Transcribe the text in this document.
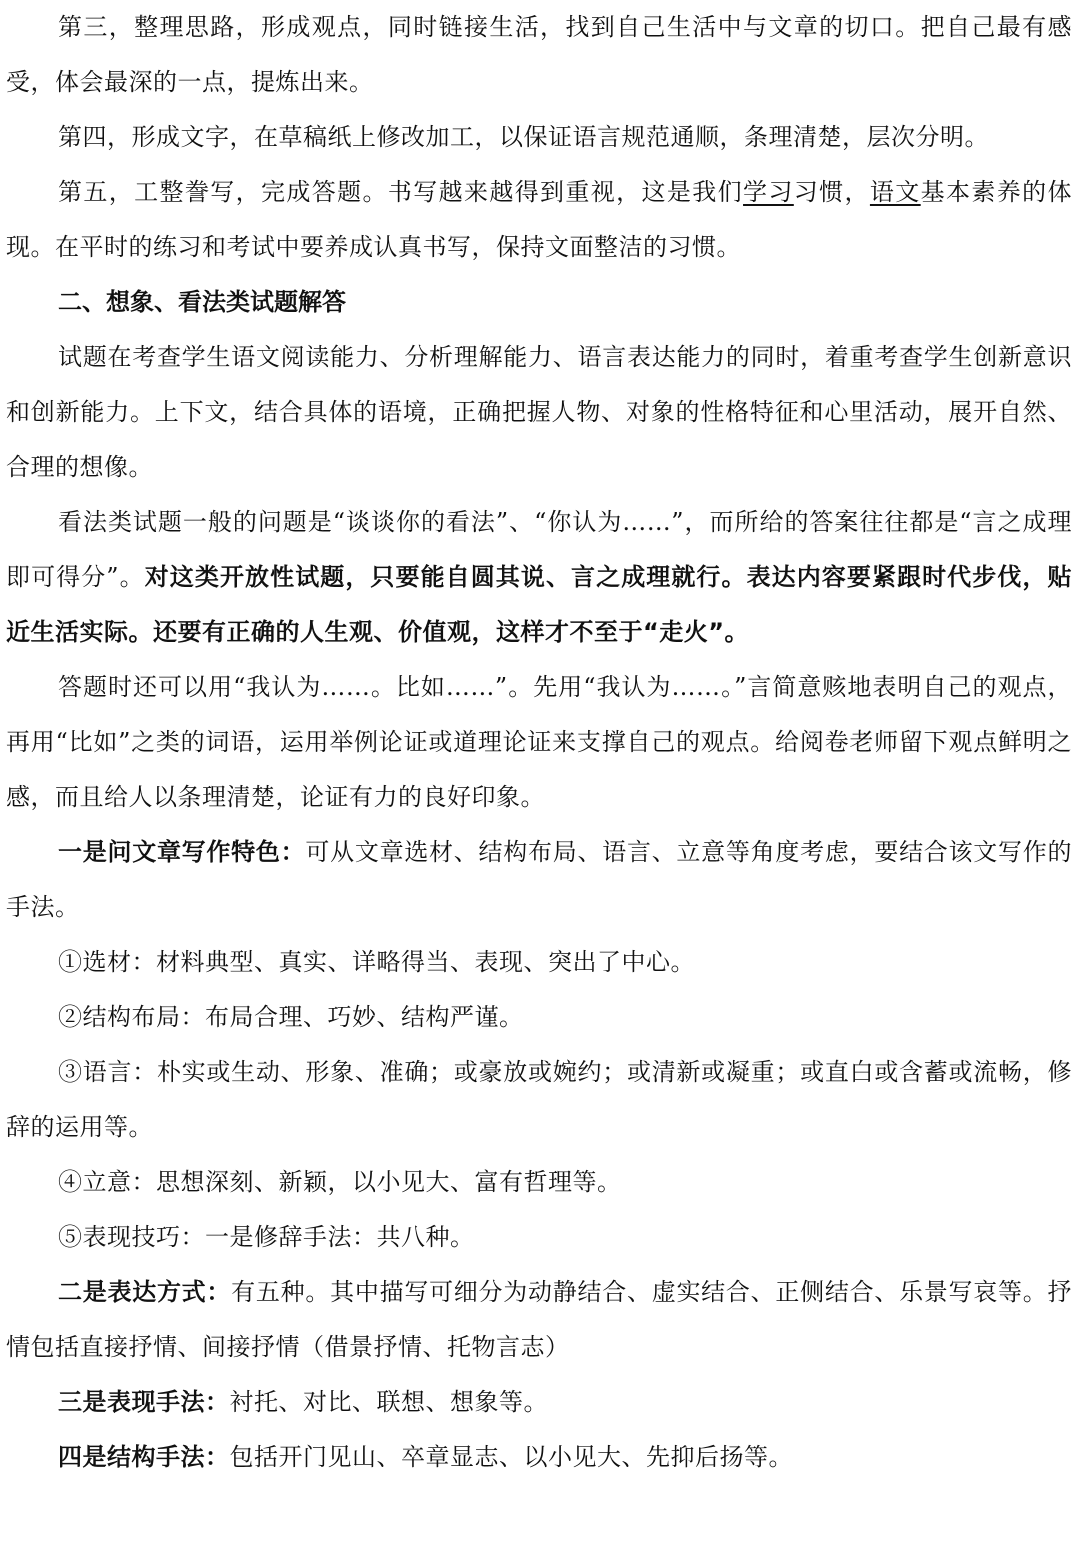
第三，整理思路，形成观点，同时链接生活，找到自己生活中与文章的切口。把自己最有感受，体会最深的一点，提炼出来。

第四，形成文字，在草稿纸上修改加工，以保证语言规范通顺，条理清楚，层次分明。

第五，工整誊写，完成答题。书写越来越得到重视，这是我们学习习惯，语文基本素养的体现。在平时的练习和考试中要养成认真书写，保持文面整洁的习惯。

二、想象、看法类试题解答

试题在考查学生语文阅读能力、分析理解能力、语言表达能力的同时，着重考查学生创新意识和创新能力。上下文，结合具体的语境，正确把握人物、对象的性格特征和心里活动，展开自然、合理的想像。

看法类试题一般的问题是“谈谈你的看法”、“你认为……”，而所给的答案往往都是“言之成理即可得分”。对这类开放性试题，只要能自圆其说、言之成理就行。表达内容要紧跟时代步伐，贴近生活实际。还要有正确的人生观、价值观，这样才不至于“走火”。

答题时还可以用“我认为……。比如……”。先用“我认为……。”言简意赅地表明自己的观点，再用“比如”之类的词语，运用举例论证或道理论证来支撑自己的观点。给阅卷老师留下观点鲜明之感，而且给人以条理清楚，论证有力的良好印象。

一是问文章写作特色：可从文章选材、结构布局、语言、立意等角度考虑，要结合该文写作的手法。

①选材：材料典型、真实、详略得当、表现、突出了中心。

②结构布局：布局合理、巧妙、结构严谨。

③语言：朴实或生动、形象、准确；或豪放或婉约；或清新或凝重；或直白或含蓄或流畅，修辞的运用等。

④立意：思想深刻、新颖，以小见大、富有哲理等。

⑤表现技巧：一是修辞手法：共八种。

二是表达方式：有五种。其中描写可细分为动静结合、虚实结合、正侧结合、乐景写哀等。抒情包括直接抒情、间接抒情（借景抒情、托物言志）

三是表现手法：衬托、对比、联想、想象等。

四是结构手法：包括开门见山、卒章显志、以小见大、先抑后扬等。
